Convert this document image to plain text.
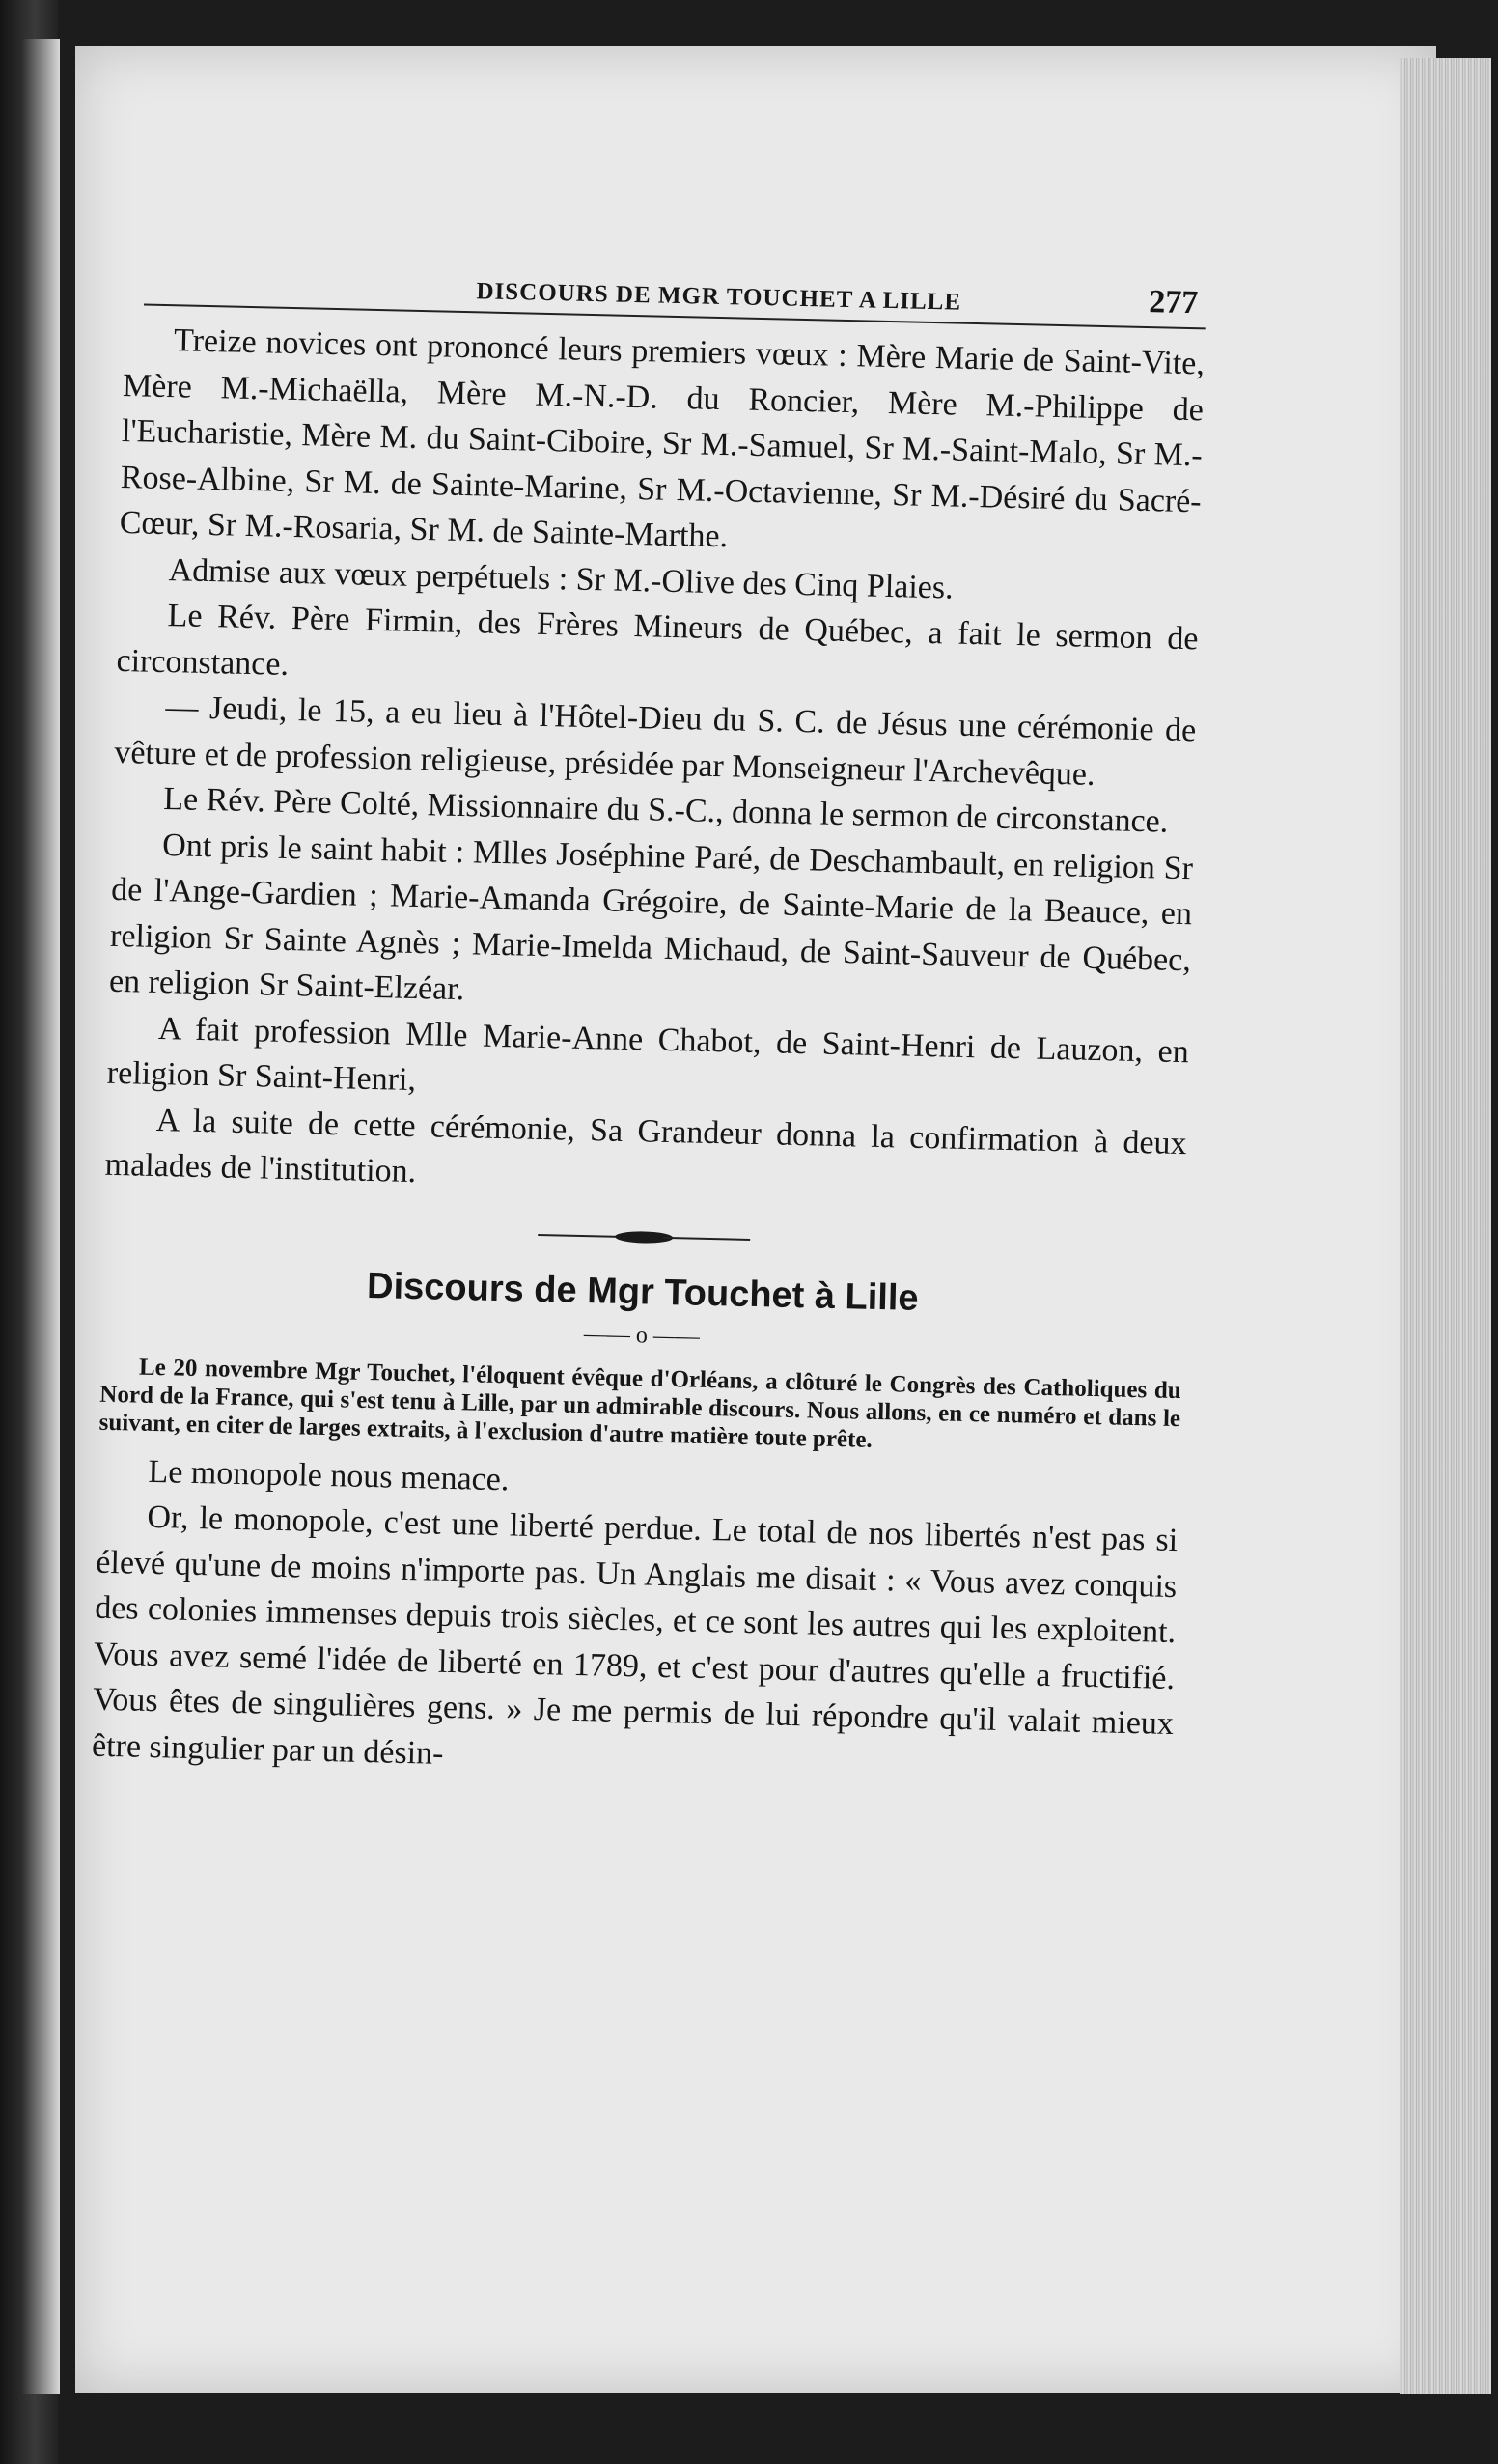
DISCOURS DE MGR TOUCHET A LILLE	277

Treize novices ont prononcé leurs premiers vœux : Mère Marie de Saint-Vite, Mère M.-Michaëlla, Mère M.-N.-D. du Roncier, Mère M.-Philippe de l'Eucharistie, Mère M. du Saint-Ciboire, Sr M.-Samuel, Sr M.-Saint-Malo, Sr M.-Rose-Albine, Sr M. de Sainte-Marine, Sr M.-Octavienne, Sr M.-Désiré du Sacré-Cœur, Sr M.-Rosaria, Sr M. de Sainte-Marthe.

Admise aux vœux perpétuels : Sr M.-Olive des Cinq Plaies.

Le Rév. Père Firmin, des Frères Mineurs de Québec, a fait le sermon de circonstance.

— Jeudi, le 15, a eu lieu à l'Hôtel-Dieu du S. C. de Jésus une cérémonie de vêture et de profession religieuse, présidée par Monseigneur l'Archevêque.

Le Rév. Père Colté, Missionnaire du S.-C., donna le sermon de circonstance.

Ont pris le saint habit : Mlles Joséphine Paré, de Deschambault, en religion Sr de l'Ange-Gardien ; Marie-Amanda Grégoire, de Sainte-Marie de la Beauce, en religion Sr Sainte Agnès ; Marie-Imelda Michaud, de Saint-Sauveur de Québec, en religion Sr Saint-Elzéar.

A fait profession Mlle Marie-Anne Chabot, de Saint-Henri de Lauzon, en religion Sr Saint-Henri,

A la suite de cette cérémonie, Sa Grandeur donna la confirmation à deux malades de l'institution.

Discours de Mgr Touchet à Lille
—— o ——

Le 20 novembre Mgr Touchet, l'éloquent évêque d'Orléans, a clôturé le Congrès des Catholiques du Nord de la France, qui s'est tenu à Lille, par un admirable discours. Nous allons, en ce numéro et dans le suivant, en citer de larges extraits, à l'exclusion d'autre matière toute prête.

Le monopole nous menace.

Or, le monopole, c'est une liberté perdue. Le total de nos libertés n'est pas si élevé qu'une de moins n'importe pas. Un Anglais me disait : « Vous avez conquis des colonies immenses depuis trois siècles, et ce sont les autres qui les exploitent. Vous avez semé l'idée de liberté en 1789, et c'est pour d'autres qu'elle a fructifié. Vous êtes de singulières gens. » Je me permis de lui répondre qu'il valait mieux être singulier par un désin-
